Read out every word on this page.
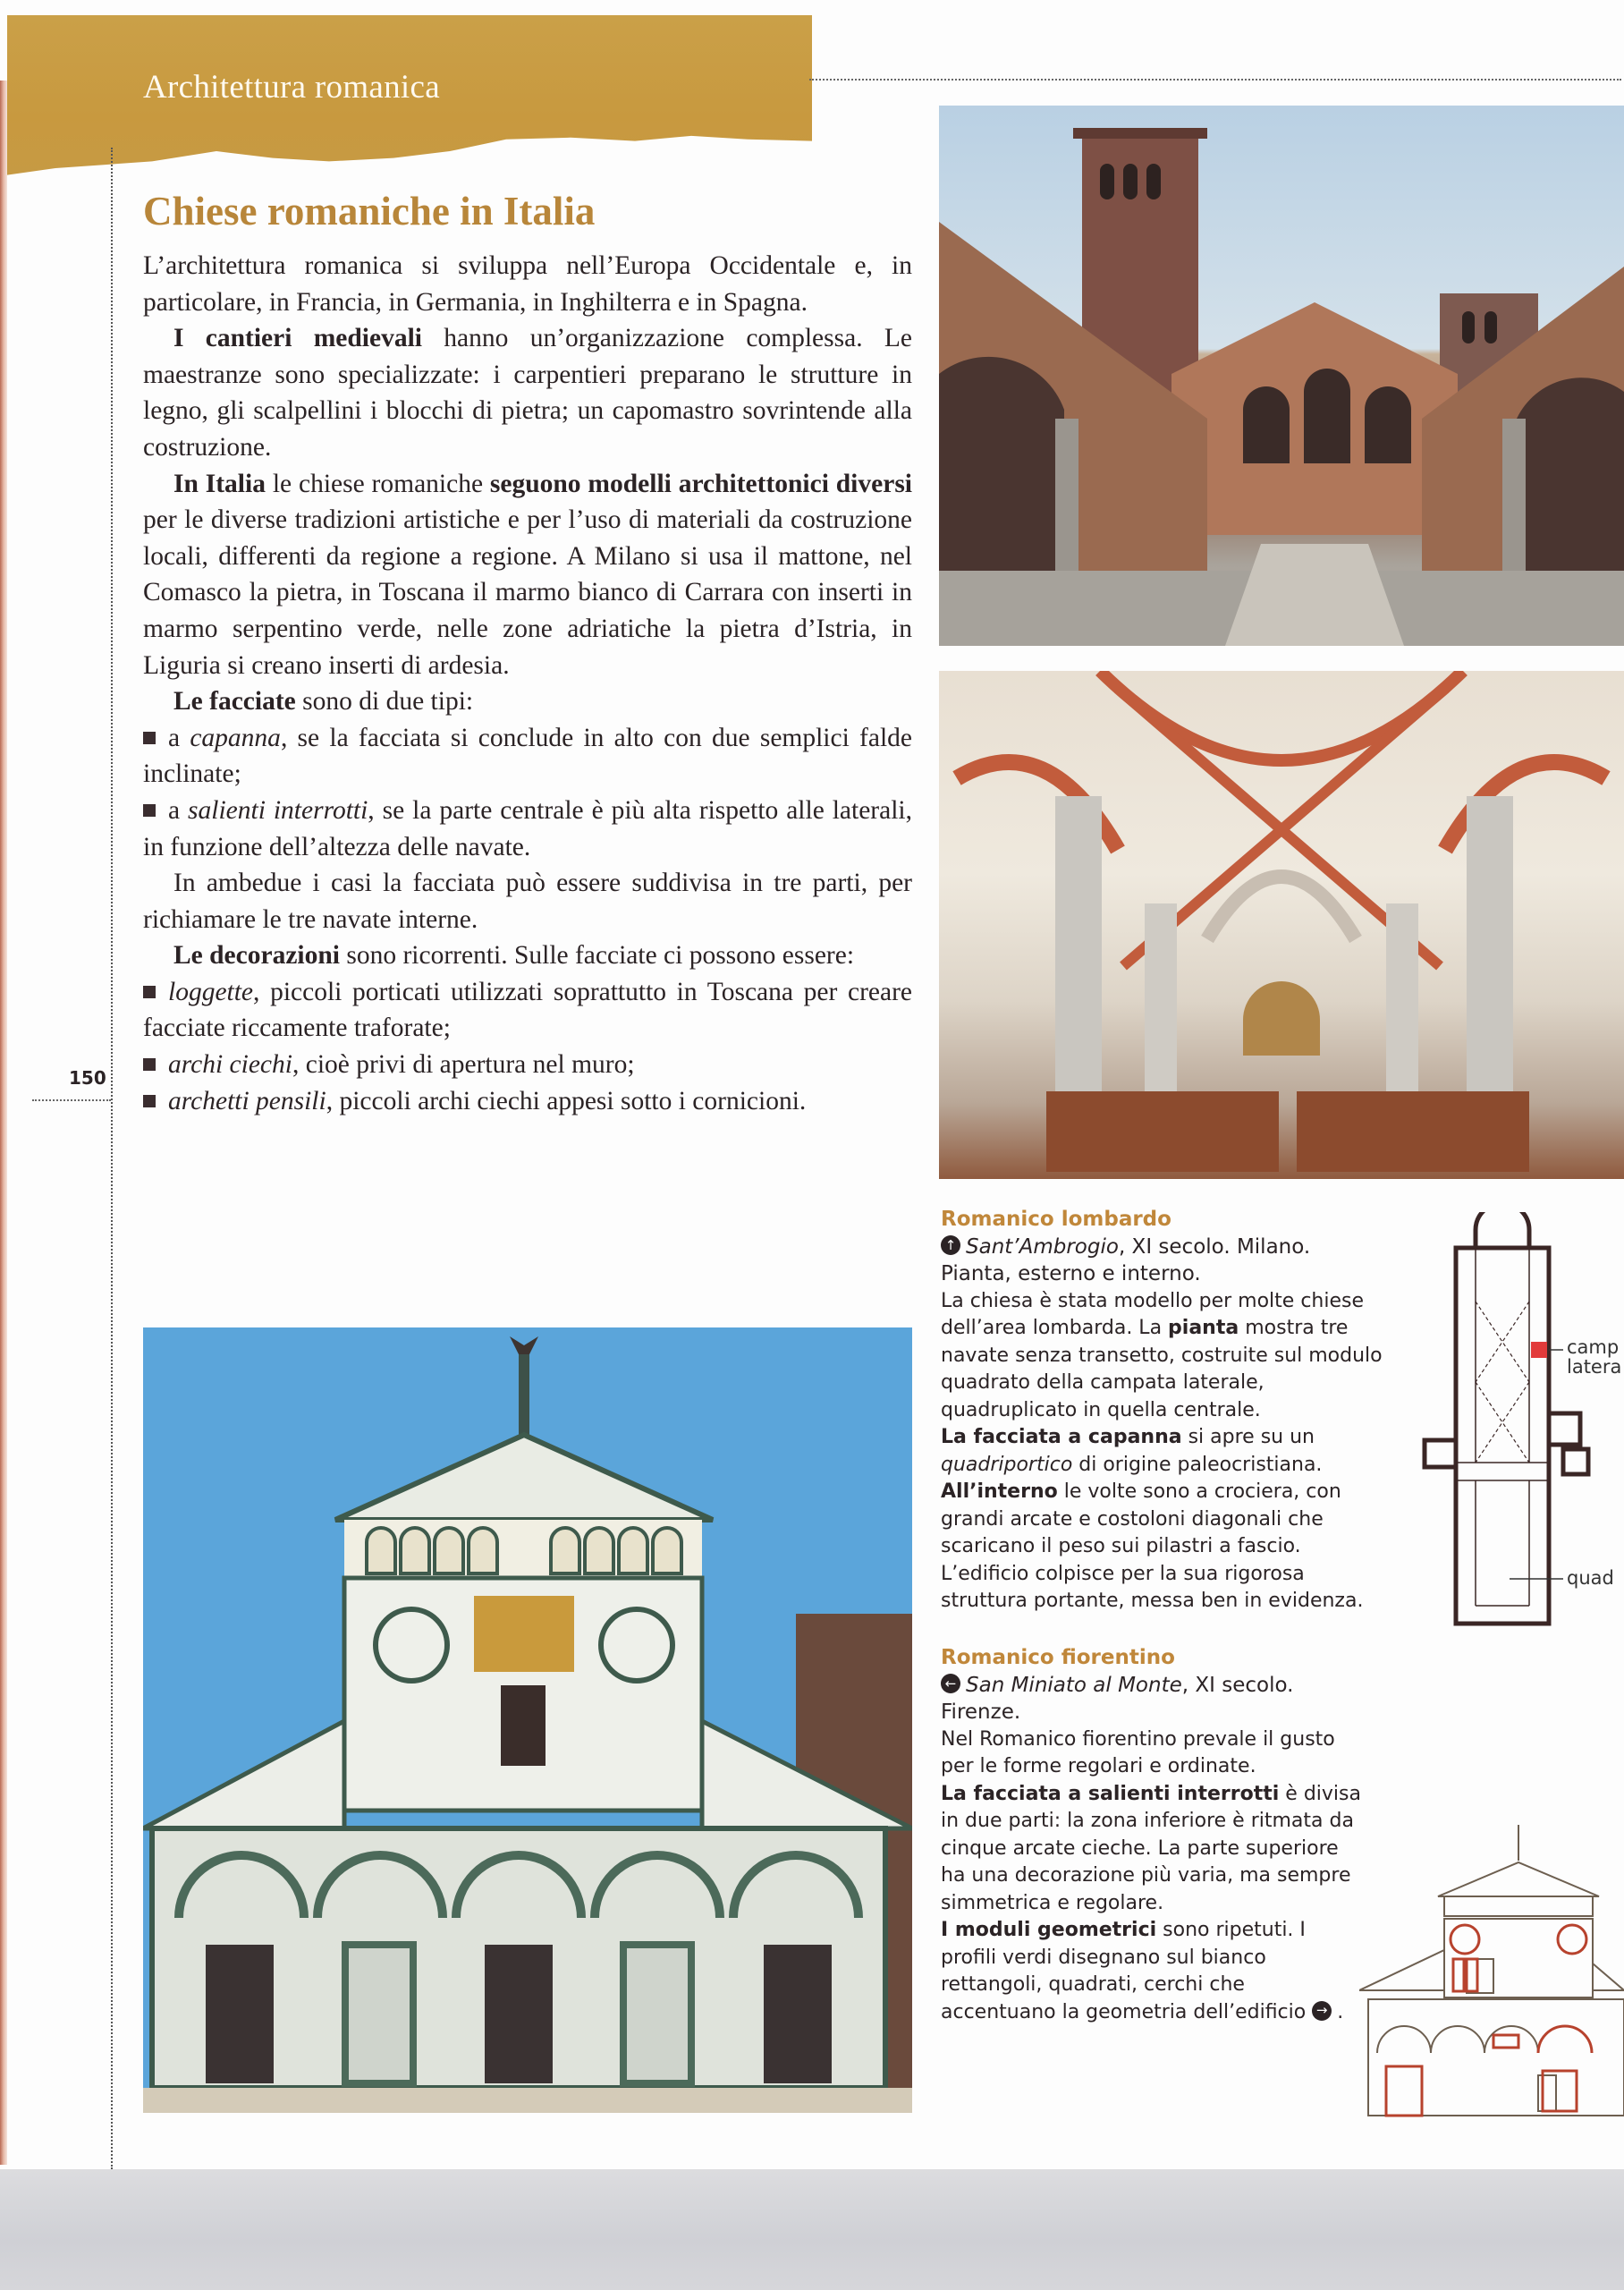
Architettura romanica
150
Chiese romaniche in Italia

L’architettura romanica si sviluppa nell’Europa Occidentale e, in particolare, in Francia, in Germania, in Inghilterra e in Spagna.

I cantieri medievali hanno un’organizzazione complessa. Le maestranze sono specializzate: i carpentieri preparano le strutture in legno, gli scalpellini i blocchi di pietra; un capomastro sovrintende alla costruzione.

In Italia le chiese romaniche seguono modelli architettonici diversi per le diverse tradizioni artistiche e per l’uso di materiali da costruzione locali, differenti da regione a regione. A Milano si usa il mattone, nel Comasco la pietra, in Toscana il marmo bianco di Carrara con inserti in marmo serpentino verde, nelle zone adriatiche la pietra d’Istria, in Liguria si creano inserti di ardesia.

Le facciate sono di due tipi:

a capanna, se la facciata si conclude in alto con due semplici falde inclinate;

a salienti interrotti, se la parte centrale è più alta rispetto alle laterali, in funzione dell’altezza delle navate.

In ambedue i casi la facciata può essere suddivisa in tre parti, per richiamare le tre navate interne.

Le decorazioni sono ricorrenti. Sulle facciate ci possono essere:

loggette, piccoli porticati utilizzati soprattutto in Toscana per creare facciate riccamente traforate;

archi ciechi, cioè privi di apertura nel muro;

archetti pensili, piccoli archi ciechi appesi sotto i cornicioni.

Romanico lombardo
↑ Sant’Ambrogio, XI secolo. Milano.
Pianta, esterno e interno.
La chiesa è stata modello per molte chiese dell’area lombarda. La pianta mostra tre navate senza transetto, costruite sul modulo quadrato della campata laterale, quadruplicato in quella centrale.
La facciata a capanna si apre su un quadriportico di origine paleocristiana.
All’interno le volte sono a crociera, con grandi arcate e costoloni diagonali che scaricano il peso sui pilastri a fascio.
L’edificio colpisce per la sua rigorosa struttura portante, messa ben in evidenza.
camp
latera
quad
Romanico fiorentino
← San Miniato al Monte, XI secolo.
Firenze.
Nel Romanico fiorentino prevale il gusto per le forme regolari e ordinate.
La facciata a salienti interrotti è divisa in due parti: la zona inferiore è ritmata da cinque arcate cieche. La parte superiore ha una decorazione più varia, ma sempre simmetrica e regolare.
I moduli geometrici sono ripetuti. I profili verdi disegnano sul bianco rettangoli, quadrati, cerchi che accentuano la geometria dell’edificio → .
